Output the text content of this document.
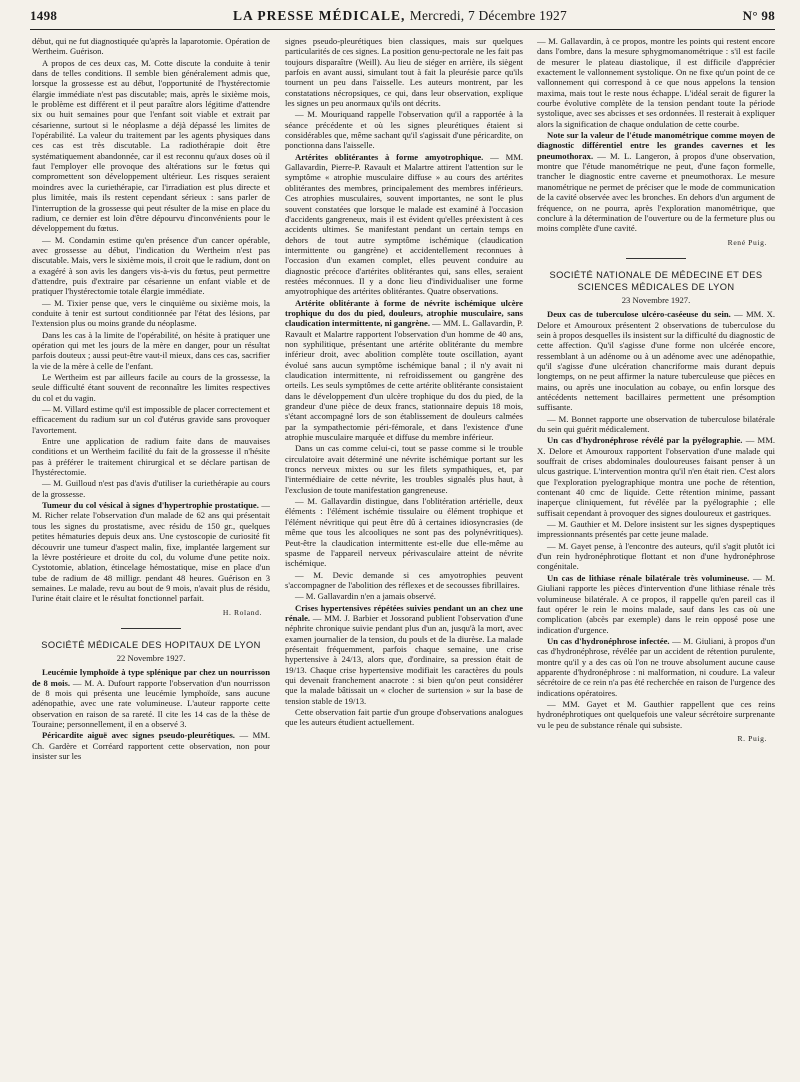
1498	LA PRESSE MÉDICALE, Mercredi, 7 Décembre 1927	N° 98

début, qui ne fut diagnostiquée qu'après la laparotomie. Opération de Wertheim. Guérison.

A propos de ces deux cas, M. Cotte discute la conduite à tenir dans de telles conditions. Il semble bien généralement admis que, lorsque la grossesse est au début, l'opportunité de l'hystérectomie élargie immédiate n'est pas discutable; mais, après le sixième mois, le problème est différent et il peut paraître alors légitime d'attendre six ou huit semaines pour que l'enfant soit viable et extrait par césarienne, surtout si le néoplasme a déjà dépassé les limites de l'opérabilité. La valeur du traitement par les agents physiques dans ces cas est très discutable. La radiothérapie doit être systématiquement abandonnée, car il est reconnu qu'aux doses où il faut l'employer elle provoque des altérations sur le fœtus qui compromettent son développement ultérieur. Les risques seraient moindres avec la curiethérapie, car l'irradiation est plus directe et plus limitée, mais ils restent cependant sérieux : sans parler de l'interruption de la grossesse qui peut résulter de la mise en place du radium, ce dernier est loin d'être dépourvu d'inconvénients pour le développement du fœtus.

— M. Condamin estime qu'en présence d'un cancer opérable, avec grossesse au début, l'indication du Wertheim n'est pas discutable. Mais, vers le sixième mois, il croit que le radium, dont on a exagéré à son avis les dangers vis-à-vis du fœtus, peut permettre d'attendre, puis d'extraire par césarienne un enfant viable et de pratiquer l'hystérectomie totale élargie immédiate.

— M. Tixier pense que, vers le cinquième ou sixième mois, la conduite à tenir est surtout conditionnée par l'état des lésions, par l'extension plus ou moins grande du néoplasme.

Dans les cas à la limite de l'opérabilité, on hésite à pratiquer une opération qui met les jours de la mère en danger, pour un résultat parfois douteux ; aussi peut-être vaut-il mieux, dans ces cas, sacrifier la vie de la mère à celle de l'enfant.

Le Wertheim est par ailleurs facile au cours de la grossesse, la seule difficulté étant souvent de reconnaître les limites respectives du col et du vagin.

— M. Villard estime qu'il est impossible de placer correctement et efficacement du radium sur un col d'utérus gravide sans provoquer l'avortement.

Entre une application de radium faite dans de mauvaises conditions et un Wertheim facilité du fait de la grossesse il n'hésite pas à préférer le traitement chirurgical et se déclare partisan de l'hystérectomie.

— M. Guilloud n'est pas d'avis d'utiliser la curiethérapie au cours de la grossesse.

Tumeur du col vésical à signes d'hypertrophie prostatique. — M. Richer relate l'observation d'un malade de 62 ans qui présentait tous les signes du prostatisme, avec résidu de 150 gr., quelques petites hématuries depuis deux ans. Une cystoscopie de curiosité fit découvrir une tumeur d'aspect malin, fixe, implantée largement sur la lèvre postérieure et droite du col, du volume d'une petite noix. Cystotomie, ablation, étincelage hémostatique, mise en place d'un tube de radium de 48 milligr. pendant 48 heures. Guérison en 3 semaines. Le malade, revu au bout de 9 mois, n'avait plus de résidu, l'urine était claire et le résultat fonctionnel parfait.

H. Roland.

SOCIÉTÉ MÉDICALE DES HOPITAUX DE LYON
22 Novembre 1927.

Leucémie lymphoïde à type splénique par chez un nourrisson de 8 mois. — M. A. Dufourt rapporte l'observation d'un nourrisson de 8 mois qui présenta une leucémie lymphoïde, sans aucune adénopathie, avec une rate volumineuse. L'auteur rapporte cette observation en raison de sa rareté. Il cite les 14 cas de la thèse de Touraine; personnellement, il en a observé 3.

Péricardite aiguë avec signes pseudo-pleurétiques. — MM. Ch. Gardère et Corréard rapportent cette observation, non pour insister sur les

signes pseudo-pleurétiques bien classiques, mais sur quelques particularités de ces signes. La position genu-pectorale ne les fait pas toujours disparaître (Weill). Au lieu de siéger en arrière, ils siègent parfois en avant aussi, simulant tout à fait la pleurésie parce qu'ils tournent un peu dans l'aisselle. Les auteurs montrent, par les constatations nécropsiques, ce qui, dans leur observation, explique les signes un peu anormaux qu'ils ont décrits.

— M. Mouriquand rappelle l'observation qu'il a rapportée à la séance précédente et où les signes pleurétiques étaient si considérables que, même sachant qu'il s'agissait d'une péricardite, on ponctionna dans l'aisselle.

Artérites oblitérantes à forme amyotrophique. — MM. Gallavardin, Pierre-P. Ravault et Malartre attirent l'attention sur le symptôme « atrophie musculaire diffuse » au cours des artérites oblitérantes des membres, principalement des membres inférieurs. Ces atrophies musculaires, souvent importantes, ne sont le plus souvent constatées que lorsque le malade est examiné à l'occasion d'accidents gangreneux, mais il est évident qu'elles préexistent à ces accidents ultimes. Se manifestant pendant un certain temps en dehors de tout autre symptôme ischémique (claudication intermittente ou gangrène) et accidentellement reconnues à l'occasion d'un examen complet, elles peuvent conduire au diagnostic précoce d'artérites oblitérantes qui, sans elles, seraient restées méconnues. Il y a donc lieu d'individualiser une forme amyotrophique des artérites oblitérantes. Quatre observations.

Artérite oblitérante à forme de névrite ischémique ulcère trophique du dos du pied, douleurs, atrophie musculaire, sans claudication intermittente, ni gangrène. — MM. L. Gallavardin, P. Ravault et Malartre rapportent l'observation d'un homme de 40 ans, non syphilitique, présentant une artérite oblitérante du membre inférieur droit, avec abolition complète toute oscillation, ayant évolué sans aucun symptôme ischémique banal ; il n'y avait ni claudication intermittente, ni refroidissement ou gangrène des orteils. Les seuls symptômes de cette artérite oblitérante consistaient dans le développement d'un ulcère trophique du dos du pied, de la grandeur d'une pièce de deux francs, stationnaire depuis 18 mois, s'étant accompagné lors de son établissement de douleurs calmées par la sympathectomie péri-fémorale, et dans l'existence d'une atrophie musculaire marquée et diffuse du membre inférieur.

Dans un cas comme celui-ci, tout se passe comme si le trouble circulatoire avait déterminé une névrite ischémique portant sur les troncs nerveux mixtes ou sur les filets sympathiques, et, par l'intermédiaire de cette névrite, les troubles signalés plus haut, à l'exclusion de toute manifestation gangreneuse.

— M. Gallavardin distingue, dans l'oblitération artérielle, deux éléments : l'élément ischémie tissulaire ou élément trophique et l'élément névritique qui peut être dû à certaines idiosyncrasies (de même que tous les alcooliques ne sont pas des polynévritiques). Peut-être la claudication intermittente est-elle due elle-même au spasme de l'appareil nerveux périvasculaire atteint de névrite ischémique.

— M. Devic demande si ces amyotrophies peuvent s'accompagner de l'abolition des réflexes et de secousses fibrillaires.

— M. Gallavardin n'en a jamais observé.

Crises hypertensives répétées suivies pendant un an chez une rénale. — MM. J. Barbier et Jossorand publient l'observation d'une néphrite chronique suivie pendant plus d'un an, jusqu'à la mort, avec examen journalier de la tension, du pouls et de la diurèse. La malade présentait fréquemment, parfois chaque semaine, une crise hypertensive à 24/13, alors que, d'ordinaire, sa pression était de 19/13. Chaque crise hypertensive modifiait les caractères du pouls qui devenait franchement anacrote : si bien qu'on peut considérer que la malade bâtissait un « clocher de surtension » sur la base de tension stable de 19/13.

Cette observation fait partie d'un groupe d'observations analogues que les auteurs étudient actuellement.

— M. Gallavardin, à ce propos, montre les points qui restent encore dans l'ombre, dans la mesure sphygmomanométrique : s'il est facile de mesurer le plateau diastolique, il est difficile d'apprécier exactement le vallonnement systolique. On ne fixe qu'un point de ce vallonnement qui correspond à ce que nous appelons la tension maxima, mais tout le reste nous échappe. L'idéal serait de figurer la courbe évolutive complète de la tension pendant toute la période systolique, avec ses abcisses et ses ordonnées. Il resterait à expliquer alors la signification de chaque ondulation de cette courbe.

Note sur la valeur de l'étude manométrique comme moyen de diagnostic différentiel entre les grandes cavernes et les pneumothorax. — M. L. Langeron, à propos d'une observation, montre que l'étude manométrique ne peut, d'une façon formelle, trancher le diagnostic entre caverne et pneumothorax. Le mesure manométrique ne permet de préciser que le mode de communication de la cavité observée avec les bronches. En dehors d'un argument de fréquence, on ne pourra, après l'exploration manométrique, que conclure à la détermination de l'ouverture ou de la fermeture plus ou moins complète d'une cavité.

René Puig.

SOCIÉTÉ NATIONALE DE MÉDECINE ET DES SCIENCES MÉDICALES DE LYON
23 Novembre 1927.

Deux cas de tuberculose ulcéro-caséeuse du sein. — MM. X. Delore et Amouroux présentent 2 observations de tuberculose du sein à propos desquelles ils insistent sur la difficulté du diagnostic de cette affection. Qu'il s'agisse d'une forme non ulcérée encore, ressemblant à un adénome ou à un adénome avec une adénopathie, qu'il s'agisse d'une ulcération chancriforme mais durant depuis longtemps, on ne peut affirmer la nature tuberculeuse que pièces en mains, ou après une inoculation au cobaye, ou enfin lorsque des antécédents nettement bacillaires permettent une présomption suffisante.

— M. Bonnet rapporte une observation de tuberculose bilatérale du sein qui guérit médicalement.

Un cas d'hydronéphrose révélé par la pyélographie. — MM. X. Delore et Amouroux rapportent l'observation d'une malade qui souffrait de crises abdominales douloureuses faisant penser à un ulcus gastrique. L'intervention montra qu'il n'en était rien. C'est alors que l'exploration pyelographique montra une poche de rétention, contenant 40 cmc de liquide. Cette rétention minime, passant inaperçue cliniquement, fut révélée par la pyélographie ; elle suffisait cependant à provoquer des signes douloureux et gastriques.

— M. Gauthier et M. Delore insistent sur les signes dyspeptiques impressionnants présentés par cette jeune malade.

— M. Gayet pense, à l'encontre des auteurs, qu'il s'agit plutôt ici d'un rein hydronéphrotique flottant et non d'une hydronéphrose congénitale.

Un cas de lithiase rénale bilatérale très volumineuse. — M. Giuliani rapporte les pièces d'intervention d'une lithiase rénale très volumineuse bilatérale. A ce propos, il rappelle qu'en pareil cas il faut opérer le rein le moins malade, sauf dans les cas où une complication (abcès par exemple) dans le rein opposé pose une indication d'urgence.

Un cas d'hydronéphrose infectée. — M. Giuliani, à propos d'un cas d'hydronéphrose, révélée par un accident de rétention purulente, montre qu'il y a des cas où l'on ne trouve absolument aucune cause apparente d'hydronéphrose : ni malformation, ni coudure. La valeur sécrétoire de ce rein n'a pas été recherchée en raison de l'urgence des indications opératoires.

— MM. Gayet et M. Gauthier rappellent que ces reins hydronéphrotiques ont quelquefois une valeur sécrétoire surprenante vu le peu de substance rénale qui subsiste.

R. Puig.
